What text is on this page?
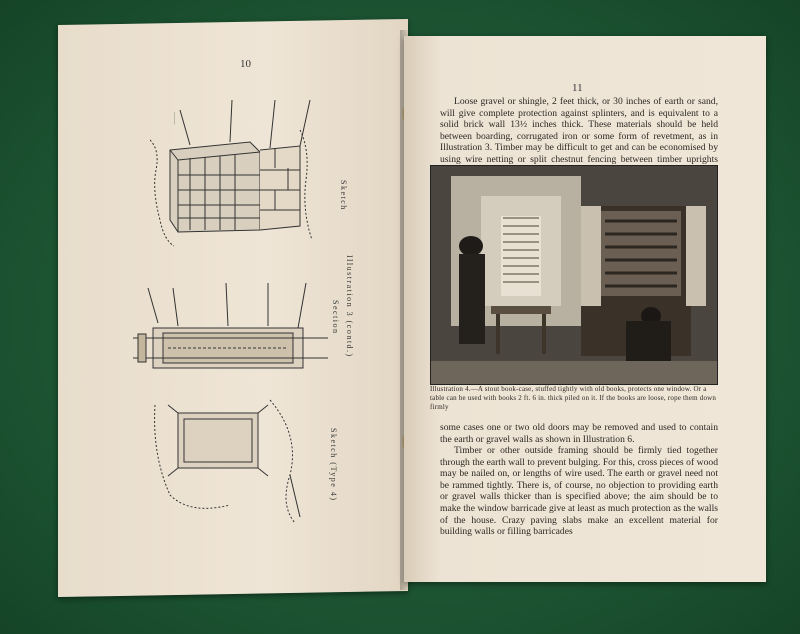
10
_____
Sketch
Illustration 3 (contd.)
Section
Sketch (Type 4)
11
Loose gravel or shingle, 2 feet thick, or 30 inches of earth or sand, will give complete protection against splinters, and is equivalent to a solid brick wall 13½ inches thick. These materials should be held between boarding, corrugated iron or some form of revetment, as in Illustration 3. Timber may be difficult to get and can be economised by using wire netting or split chestnut fencing between timber uprights
Illustration 4.—A stout book-case, stuffed tightly with old books, protects one window. Or a table can be used with books 2 ft. 6 in. thick piled on it. If the books are loose, rope them down firmly
some cases one or two old doors may be removed and used to contain the earth or gravel walls as shown in Illustration 6.
Timber or other outside framing should be firmly tied together through the earth wall to prevent bulging. For this, cross pieces of wood may be nailed on, or lengths of wire used. The earth or gravel need not be rammed tightly. There is, of course, no objection to providing earth or gravel walls thicker than is specified above; the aim should be to make the window barricade give at least as much protection as the walls of the house. Crazy paving slabs make an excellent material for building walls or filling barricades
